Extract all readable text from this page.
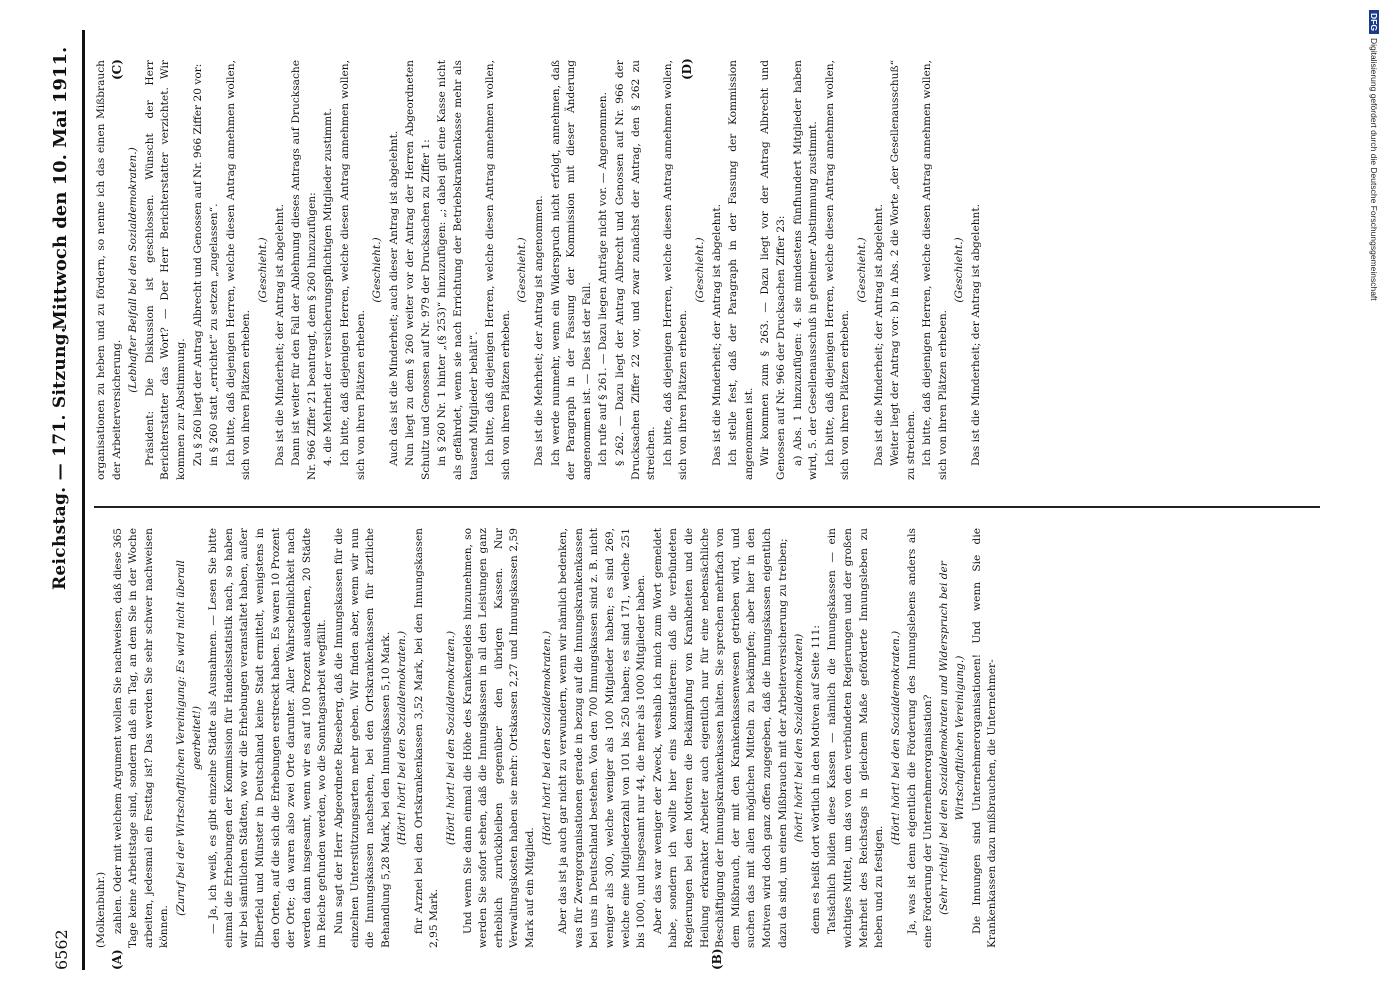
6562
Reichstag. — 171. Sitzung.
Mittwoch den 10. Mai 1911.
(A)	(B)
(C)	(D)

(Molkenbuhr.) zahlen. Oder mit welchem Argument wollen Sie nachweisen, daß diese 365 Tage keine Arbeitstage sind, sondern daß ein Tag, an dem Sie in der Woche arbeiten, jedesmal ein Festtag ist? Das werden Sie sehr schwer nachweisen können.

(Zuruf bei der Wirtschaftlichen Vereinigung: Es wird nicht überall gearbeitet!) — Ja, ich weiß, es gibt einzelne Städte als Ausnahmen. — Lesen Sie bitte einmal die Erhebungen der Kommission für Handelsstatistik nach, so haben wir bei sämtlichen Städten, wo wir die Erhebungen veranstaltet haben, außer Elberfeld und Münster in Deutschland keine Stadt ermittelt, wenigstens in den Orten, auf die sich die Erhebungen erstreckt haben. Es waren 10 Prozent der Orte; da waren also zwei Orte darunter. Aller Wahrscheinlichkeit nach werden dann insgesamt, wenn wir es auf 100 Prozent ausdehnen, 20 Städte im Reiche gefunden werden, wo die Sonntagsarbeit wegfällt. Nun sagt der Herr Abgeordnete Rieseberg, daß die Innungskassen für die einzelnen Unterstützungsarten mehr geben. Wir finden aber, wenn wir nun die Innungskassen nachsehen, bei den Ortskrankenkassen für ärztliche Behandlung 5,28 Mark, bei den Innungskassen 5,10 Mark. (Hört! hört! bei den Sozialdemokraten.) für Arznei bei den Ortskrankenkassen 3,52 Mark, bei den Innungskassen 2,95 Mark.

(Hört! hört! bei den Sozialdemokraten.) Und wenn Sie dann einmal die Höhe des Krankengeldes hinzunehmen, so werden Sie sofort sehen, daß die Innungskassen in all den Leistungen ganz erheblich zurückbleiben gegenüber den übrigen Kassen. Nur Verwaltungskosten haben sie mehr: Ortskassen 2,27 und Innungskassen 2,59 Mark auf ein Mitglied.

(Hört! hört! bei den Sozialdemokraten.) Aber das ist ja auch gar nicht zu verwundern, wenn wir nämlich bedenken, was für Zwergorganisationen gerade in bezug auf die Innungskrankenkassen bei uns in Deutschland bestehen. Von den 700 Innungskassen sind z. B. nicht weniger als 300, welche weniger als 100 Mitglieder haben; es sind 269, welche eine Mitgliederzahl von 101 bis 250 haben; es sind 171, welche 251 bis 1000, und insgesamt nur 44, die mehr als 1000 Mitglieder haben. Aber das war weniger der Zweck, weshalb ich mich zum Wort gemeldet habe, sondern ich wollte hier eins konstatieren: daß die verbündeten Regierungen bei den Motiven die Bekämpfung von Krankheiten und die Heilung erkrankter Arbeiter auch eigentlich nur für eine nebensächliche Beschäftigung der Innungskrankenkassen halten. Sie sprechen mehrfach von dem Mißbrauch, der mit den Krankenkassenwesen getrieben wird, und suchen das mit allen möglichen Mitteln zu bekämpfen; aber hier in den Motiven wird doch ganz offen zugegeben, daß die Innungskassen eigentlich dazu da sind, um einen Mißbrauch mit der Arbeiterversicherung zu treiben; (hört! hört! bei den Sozialdemokraten) denn es heißt dort wörtlich in den Motiven auf Seite 111: Tatsächlich bilden diese Kassen — nämlich die Innungskassen — ein wichtiges Mittel, um das von den verbündeten Regierungen und der großen Mehrheit des Reichstags in gleichem Maße geförderte Innungsleben zu heben und zu festigen.

(Hört! hört! bei den Sozialdemokraten.) Ja, was ist denn eigentlich die Förderung des Innungslebens anders als eine Förderung der Unternehmerorganisation? (Sehr richtig! bei den Sozialdemokraten und Widerspruch bei der Wirtschaftlichen Vereinigung.) Die Innungen sind Unternehmerorganisationen! Und wenn Sie die Krankenkassen dazu mißbrauchen, die Unternehmer-

organisationen zu heben und zu fördern, so nenne ich das einen Mißbrauch der Arbeiterversicherung.

(Lebhafter Beifall bei den Sozialdemokraten.) Präsident: Die Diskussion ist geschlossen. Wünscht der Herr Berichterstatter das Wort? — Der Herr Berichterstatter verzichtet. Wir kommen zur Abstimmung. Zu § 260 liegt der Antrag Albrecht und Genossen auf Nr. 966 Ziffer 20 vor: in § 260 statt „errichtet“ zu setzen „zugelassen“. Ich bitte, daß diejenigen Herren, welche diesen Antrag annehmen wollen, sich von ihren Plätzen erheben.

(Geschieht.) Das ist die Minderheit; der Antrag ist abgelehnt. Dann ist weiter für den Fall der Ablehnung dieses Antrags auf Drucksache Nr. 966 Ziffer 21 beantragt, dem § 260 hinzuzufügen: 4. die Mehrheit der versicherungspflichtigen Mitglieder zustimmt. Ich bitte, daß diejenigen Herren, welche diesen Antrag annehmen wollen, sich von ihren Plätzen erheben.

(Geschieht.) Auch das ist die Minderheit; auch dieser Antrag ist abgelehnt. Nun liegt zu dem § 260 weiter vor der Antrag der Herren Abgeordneten Schultz und Genossen auf Nr. 979 der Drucksachen zu Ziffer 1: in § 260 Nr. 1 hinter „(§ 253)“ hinzuzufügen: „; dabei gilt eine Kasse nicht als gefährdet, wenn sie nach Errichtung der Betriebskrankenkasse mehr als tausend Mitglieder behält“. Ich bitte, daß diejenigen Herren, welche diesen Antrag annehmen wollen, sich von ihren Plätzen erheben.

(Geschieht.) Das ist die Mehrheit; der Antrag ist angenommen. Ich werde nunmehr, wenn ein Widerspruch nicht erfolgt, annehmen, daß der Paragraph in der Fassung der Kommission mit dieser Änderung angenommen ist. — Dies ist der Fall. Ich rufe auf § 261. — Dazu liegen Anträge nicht vor. — Angenommen. § 262. — Dazu liegt der Antrag Albrecht und Genossen auf Nr. 966 der Drucksachen Ziffer 22 vor, und zwar zunächst der Antrag, den § 262 zu streichen. Ich bitte, daß diejenigen Herren, welche diesen Antrag annehmen wollen, sich von ihren Plätzen erheben.

(Geschieht.) Das ist die Minderheit; der Antrag ist abgelehnt. Ich stelle fest, daß der Paragraph in der Fassung der Kommission angenommen ist. Wir kommen zum § 263. — Dazu liegt vor der Antrag Albrecht und Genossen auf Nr. 966 der Drucksachen Ziffer 23: a) Abs. 1 hinzuzufügen: 4. sie mindestens fünfhundert Mitglieder haben wird, 5. der Gesellenausschuß in geheimer Abstimmung zustimmt. Ich bitte, daß diejenigen Herren, welche diesen Antrag annehmen wollen, sich von ihren Plätzen erheben.

(Geschieht.) Das ist die Minderheit; der Antrag ist abgelehnt. Weiter liegt der Antrag vor: b) in Abs. 2 die Worte „der Gesellenausschuß“ zu streichen. Ich bitte, daß diejenigen Herren, welche diesen Antrag annehmen wollen, sich von ihren Plätzen erheben.

(Geschieht.) Das ist die Minderheit; der Antrag ist abgelehnt.

DFGDigitalisierung gefördert durch die Deutsche Forschungsgemeinschaft
